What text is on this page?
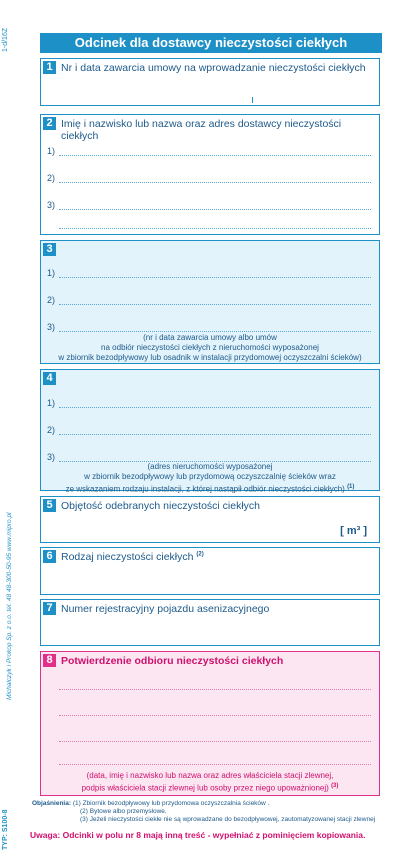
1-d/16Z
Michalczyk i Prokop Sp. z o.o. tel. 48 48-300-50-95 www.mipro.pl
TYP: S100-8
Odcinek dla dostawcy nieczystości ciekłych
1 Nr i data zawarcia umowy na wprowadzanie nieczystości ciekłych
2 Imię i nazwisko lub nazwa oraz adres dostawcy nieczystości ciekłych
1)
2)
3)
3
1)
2)
3)
(nr i data zawarcia umowy albo umów
na odbiór nieczystości ciekłych z nieruchomości wyposażonej
w zbiornik bezodpływowy lub osadnik w instalacji przydomowej oczyszczalni ścieków)
4
1)
2)
3)
(adres nieruchomości wyposażonej
w zbiornik bezodpływowy lub przydomową oczyszczalnię ścieków wraz
ze wskazaniem rodzaju instalacji, z której nastąpił odbiór nieczystości ciekłych) $^{(1)}$
5 Objętość odebranych nieczystości ciekłych
[ m³ ]
6 Rodzaj nieczystości ciekłych $^{(2)}$
7 Numer rejestracyjny pojazdu asenizacyjnego
8 Potwierdzenie odbioru nieczystości ciekłych
(data, imię i nazwisko lub nazwa oraz adres właściciela stacji zlewnej,
podpis właściciela stacji zlewnej lub osoby przez niego upoważnionej) $^{(3)}$
Objaśnienia: (1) Zbiornik bezodpływowy lub przydomowa oczyszczalnia ścieków .
(2) Bytowe albo przemysłowe.
(3) Jeżeli nieczystości ciekłe nie są wprowadzane do bezodpływowej, zautomatyzowanej stacji zlewnej
Uwaga: Odcinki w polu nr 8 mają inną treść - wypełniać z pominięciem kopiowania.
